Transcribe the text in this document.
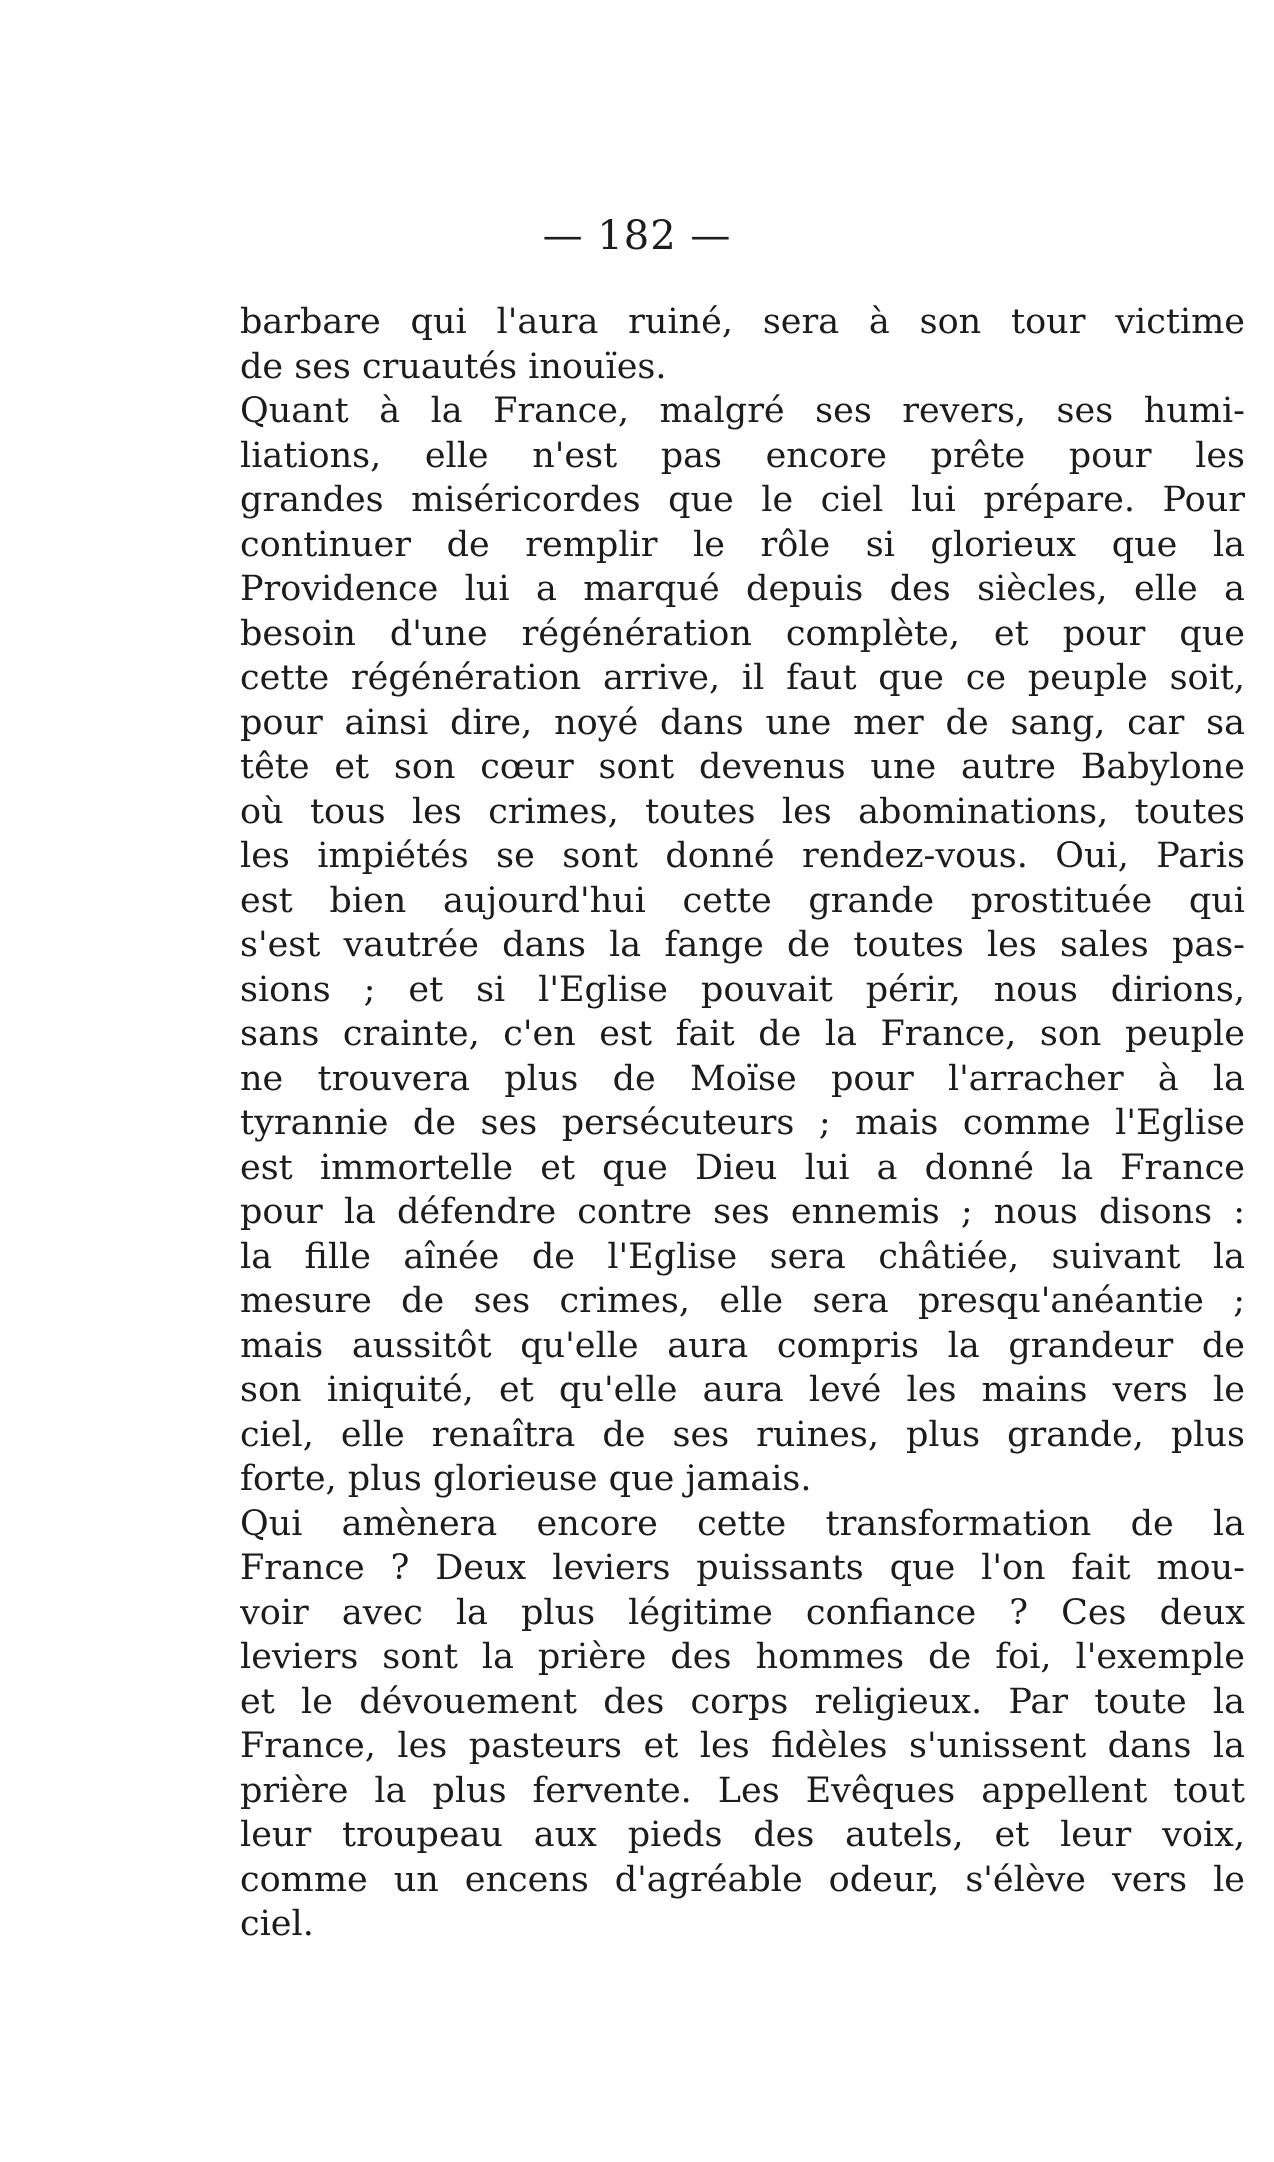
— 182 —
barbare qui l'aura ruiné, sera à son tour victime
de ses cruautés inouïes.
Quant à la France, malgré ses revers, ses humi-
liations, elle n'est pas encore prête pour les
grandes miséricordes que le ciel lui prépare. Pour
continuer de remplir le rôle si glorieux que la
Providence lui a marqué depuis des siècles, elle a
besoin d'une régénération complète, et pour que
cette régénération arrive, il faut que ce peuple soit,
pour ainsi dire, noyé dans une mer de sang, car sa
tête et son cœur sont devenus une autre Babylone
où tous les crimes, toutes les abominations, toutes
les impiétés se sont donné rendez-vous. Oui, Paris
est bien aujourd'hui cette grande prostituée qui
s'est vautrée dans la fange de toutes les sales pas-
sions ; et si l'Eglise pouvait périr, nous dirions,
sans crainte, c'en est fait de la France, son peuple
ne trouvera plus de Moïse pour l'arracher à la
tyrannie de ses persécuteurs ; mais comme l'Eglise
est immortelle et que Dieu lui a donné la France
pour la défendre contre ses ennemis ; nous disons :
la fille aînée de l'Eglise sera châtiée, suivant la
mesure de ses crimes, elle sera presqu'anéantie ;
mais aussitôt qu'elle aura compris la grandeur de
son iniquité, et qu'elle aura levé les mains vers le
ciel, elle renaîtra de ses ruines, plus grande, plus
forte, plus glorieuse que jamais.
Qui amènera encore cette transformation de la
France ? Deux leviers puissants que l'on fait mou-
voir avec la plus légitime confiance ? Ces deux
leviers sont la prière des hommes de foi, l'exemple
et le dévouement des corps religieux. Par toute la
France, les pasteurs et les fidèles s'unissent dans la
prière la plus fervente. Les Evêques appellent tout
leur troupeau aux pieds des autels, et leur voix,
comme un encens d'agréable odeur, s'élève vers le
ciel.
